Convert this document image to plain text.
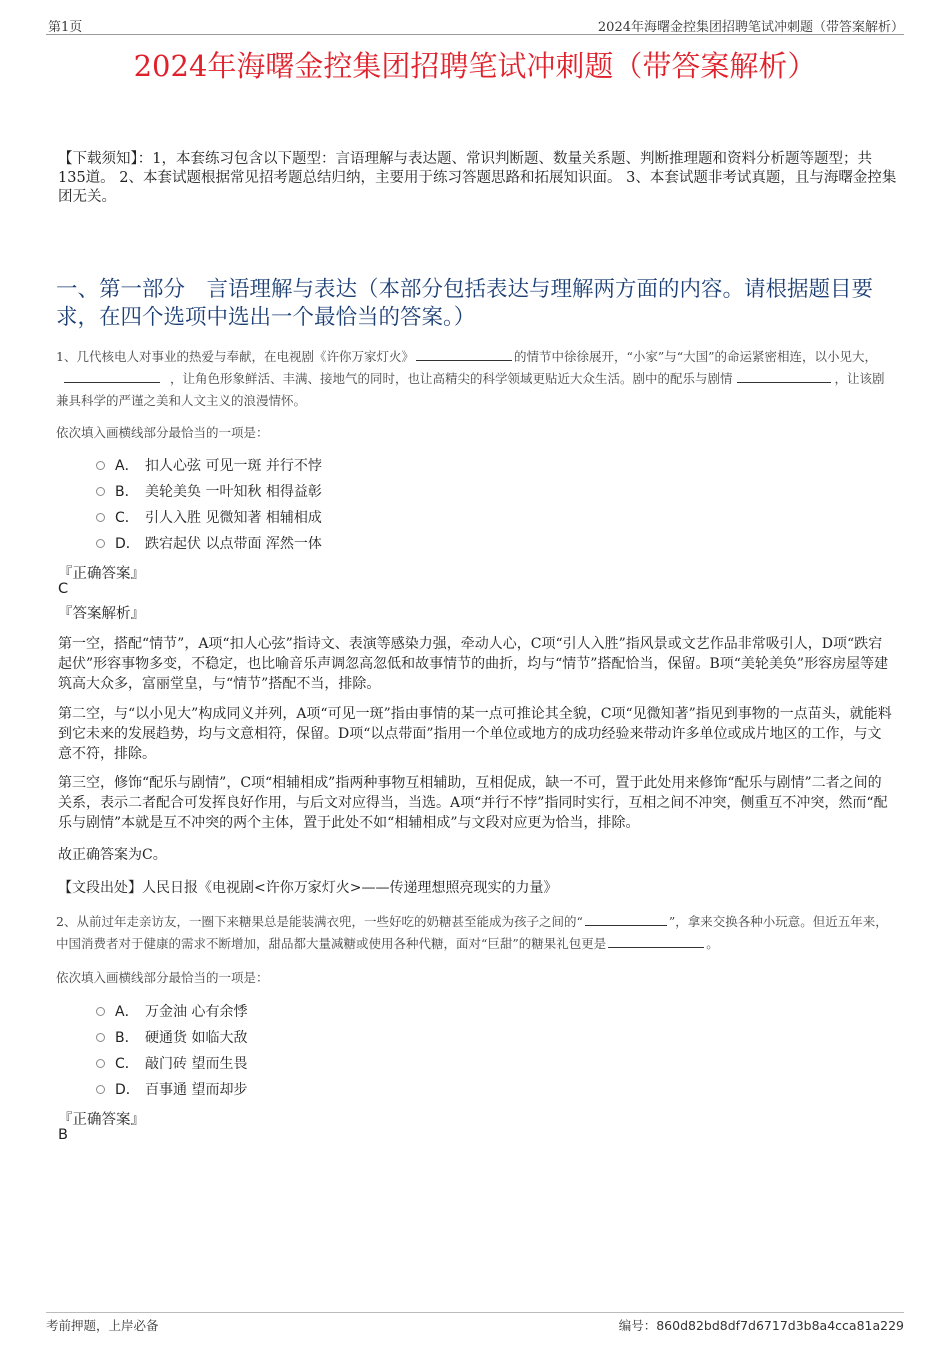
第1页	2024年海曙金控集团招聘笔试冲刺题（带答案解析）
2024年海曙金控集团招聘笔试冲刺题（带答案解析）
【下载须知】：1，本套练习包含以下题型：言语理解与表达题、常识判断题、数量关系题、判断推理题和资料分析题等题型；共135道。 2、本套试题根据常见招考题总结归纳，主要用于练习答题思路和拓展知识面。 3、本套试题非考试真题，且与海曙金控集团无关。
一、第一部分　言语理解与表达（本部分包括表达与理解两方面的内容。请根据题目要求，在四个选项中选出一个最恰当的答案。）
1、几代核电人对事业的热爱与奉献，在电视剧《许你万家灯火》	的情节中徐徐展开，“小家”与“大国”的命运紧密相连，以小见大，，让角色形象鲜活、丰满、接地气的同时，也让高精尖的科学领域更贴近大众生活。剧中的配乐与剧情	，让该剧兼具科学的严谨之美和人文主义的浪漫情怀。
依次填入画横线部分最恰当的一项是：
A． 扣人心弦 可见一斑 并行不悖
B． 美轮美奂 一叶知秋 相得益彰
C． 引人入胜 见微知著 相辅相成
D． 跌宕起伏 以点带面 浑然一体
『正确答案』
C
『答案解析』
第一空，搭配“情节”，A项“扣人心弦”指诗文、表演等感染力强，牵动人心，C项“引人入胜”指风景或文艺作品非常吸引人，D项“跌宕起伏”形容事物多变，不稳定，也比喻音乐声调忽高忽低和故事情节的曲折，均与“情节”搭配恰当，保留。B项“美轮美奂”形容房屋等建筑高大众多，富丽堂皇，与“情节”搭配不当，排除。
第二空，与“以小见大”构成同义并列，A项“可见一斑”指由事情的某一点可推论其全貌，C项“见微知著”指见到事物的一点苗头，就能料到它未来的发展趋势，均与文意相符，保留。D项“以点带面”指用一个单位或地方的成功经验来带动许多单位或成片地区的工作，与文意不符，排除。
第三空，修饰“配乐与剧情”，C项“相辅相成”指两种事物互相辅助，互相促成，缺一不可，置于此处用来修饰“配乐与剧情”二者之间的关系，表示二者配合可发挥良好作用，与后文对应得当，当选。A项“并行不悖”指同时实行，互相之间不冲突，侧重互不冲突，然而“配乐与剧情”本就是互不冲突的两个主体，置于此处不如“相辅相成”与文段对应更为恰当，排除。
故正确答案为C。
【文段出处】人民日报《电视剧<许你万家灯火>——传递理想照亮现实的力量》
2、从前过年走亲访友，一圈下来糖果总是能装满衣兜，一些好吃的奶糖甚至能成为孩子之间的“	”，拿来交换各种小玩意。但近五年来，中国消费者对于健康的需求不断增加，甜品都大量减糖或使用各种代糖，面对“巨甜”的糖果礼包更是	。
依次填入画横线部分最恰当的一项是：
A． 万金油 心有余悸
B． 硬通货 如临大敌
C． 敲门砖 望而生畏
D． 百事通 望而却步
『正确答案』
B
考前押题，上岸必备	编号：860d82bd8df7d6717d3b8a4cca81a229
